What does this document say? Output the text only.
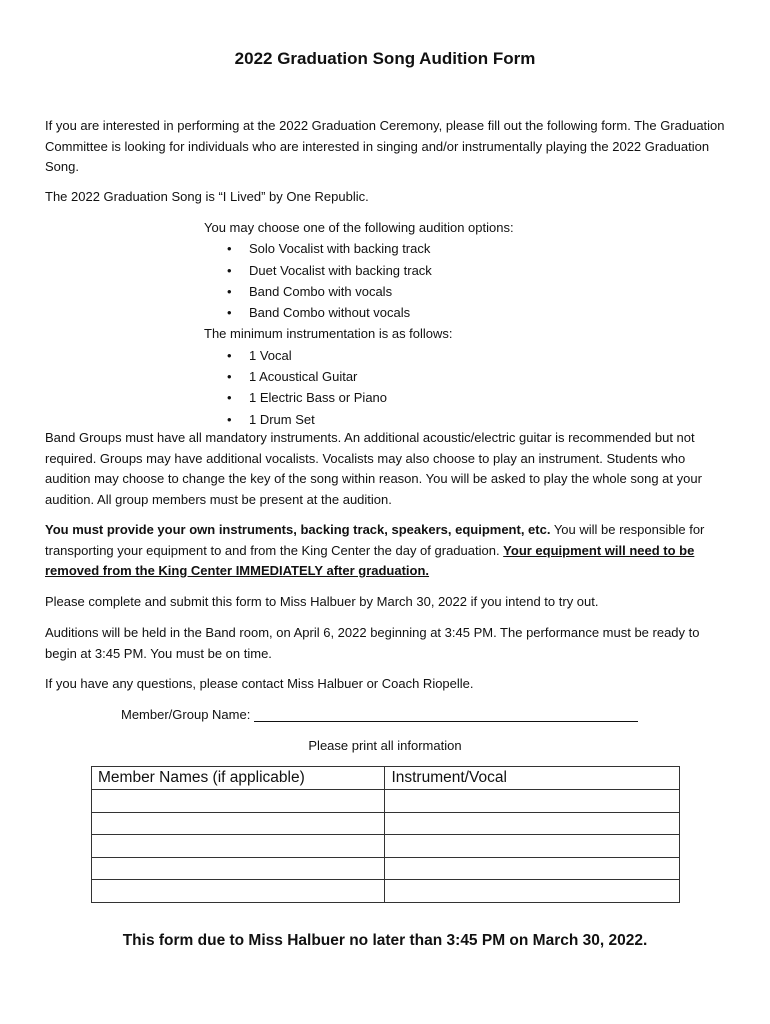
2022 Graduation Song Audition Form
If you are interested in performing at the 2022 Graduation Ceremony, please fill out the following form. The Graduation Committee is looking for individuals who are interested in singing and/or instrumentally playing the 2022 Graduation Song.
The 2022 Graduation Song is “I Lived” by One Republic.
You may choose one of the following audition options:
• Solo Vocalist with backing track
• Duet Vocalist with backing track
• Band Combo with vocals
• Band Combo without vocals
The minimum instrumentation is as follows:
• 1 Vocal
• 1 Acoustical Guitar
• 1 Electric Bass or Piano
• 1 Drum Set
Band Groups must have all mandatory instruments. An additional acoustic/electric guitar is recommended but not required. Groups may have additional vocalists. Vocalists may also choose to play an instrument. Students who audition may choose to change the key of the song within reason. You will be asked to play the whole song at your audition. All group members must be present at the audition.
You must provide your own instruments, backing track, speakers, equipment, etc. You will be responsible for transporting your equipment to and from the King Center the day of graduation. Your equipment will need to be removed from the King Center IMMEDIATELY after graduation.
Please complete and submit this form to Miss Halbuer by March 30, 2022 if you intend to try out.
Auditions will be held in the Band room, on April 6, 2022 beginning at 3:45 PM. The performance must be ready to begin at 3:45 PM. You must be on time.
If you have any questions, please contact Miss Halbuer or Coach Riopelle.
Member/Group Name:
Please print all information
Member Names (if applicable)	Instrument/Vocal

This form due to Miss Halbuer no later than 3:45 PM on March 30, 2022.
